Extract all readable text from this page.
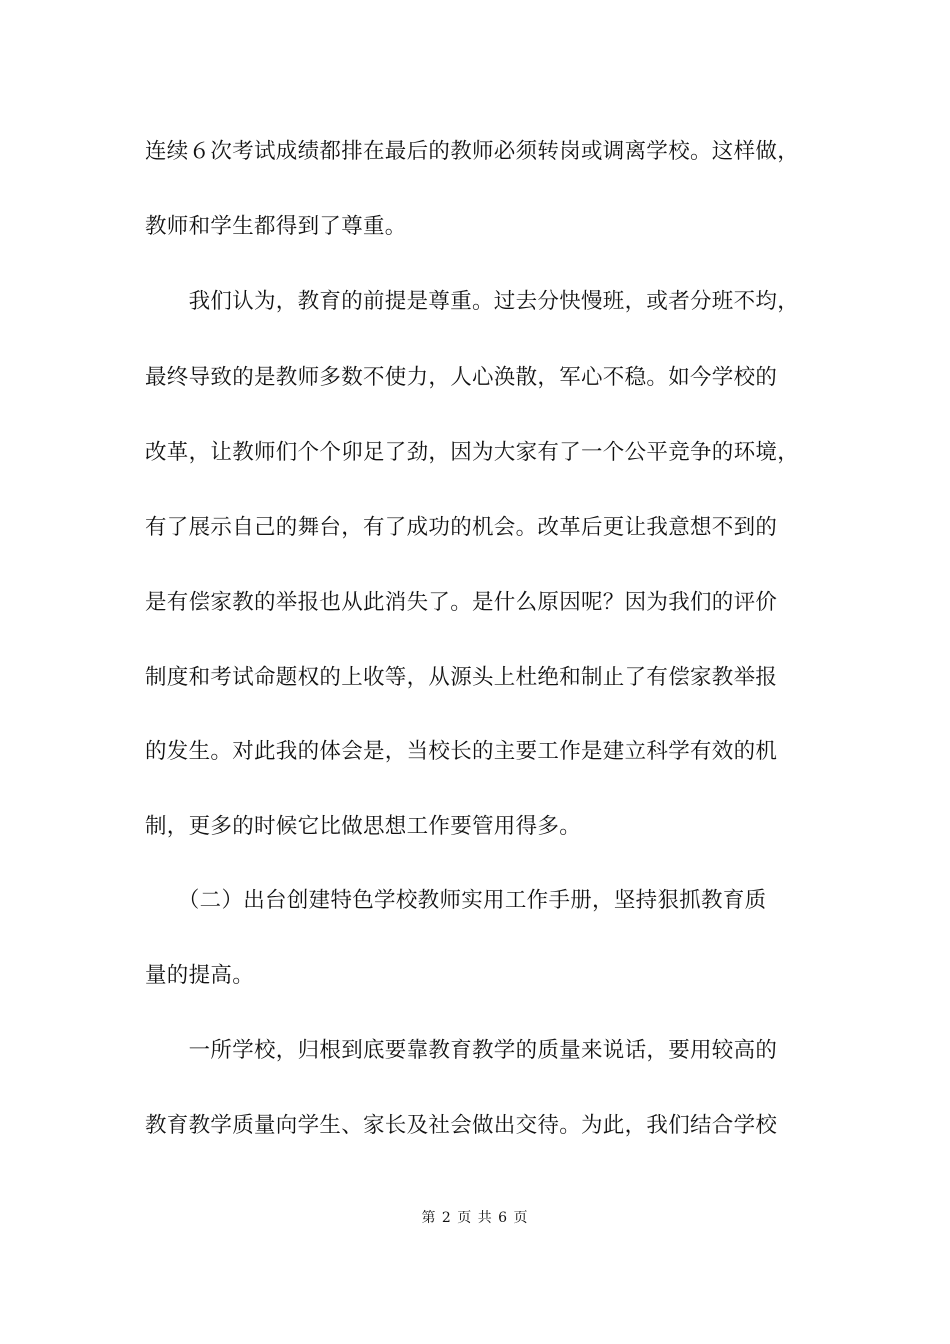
连续６次考试成绩都排在最后的教师必须转岗或调离学校。这样做，
教师和学生都得到了尊重。
　　我们认为，教育的前提是尊重。过去分快慢班，或者分班不均，
最终导致的是教师多数不使力，人心涣散，军心不稳。如今学校的
改革，让教师们个个卯足了劲，因为大家有了一个公平竞争的环境，
有了展示自己的舞台，有了成功的机会。改革后更让我意想不到的
是有偿家教的举报也从此消失了。是什么原因呢？因为我们的评价
制度和考试命题权的上收等，从源头上杜绝和制止了有偿家教举报
的发生。对此我的体会是，当校长的主要工作是建立科学有效的机
制，更多的时候它比做思想工作要管用得多。
　　（二）出台创建特色学校教师实用工作手册，坚持狠抓教育质
量的提高。
　　一所学校，归根到底要靠教育教学的质量来说话，要用较高的
教育教学质量向学生、家长及社会做出交待。为此，我们结合学校
第 2 页 共 6 页
